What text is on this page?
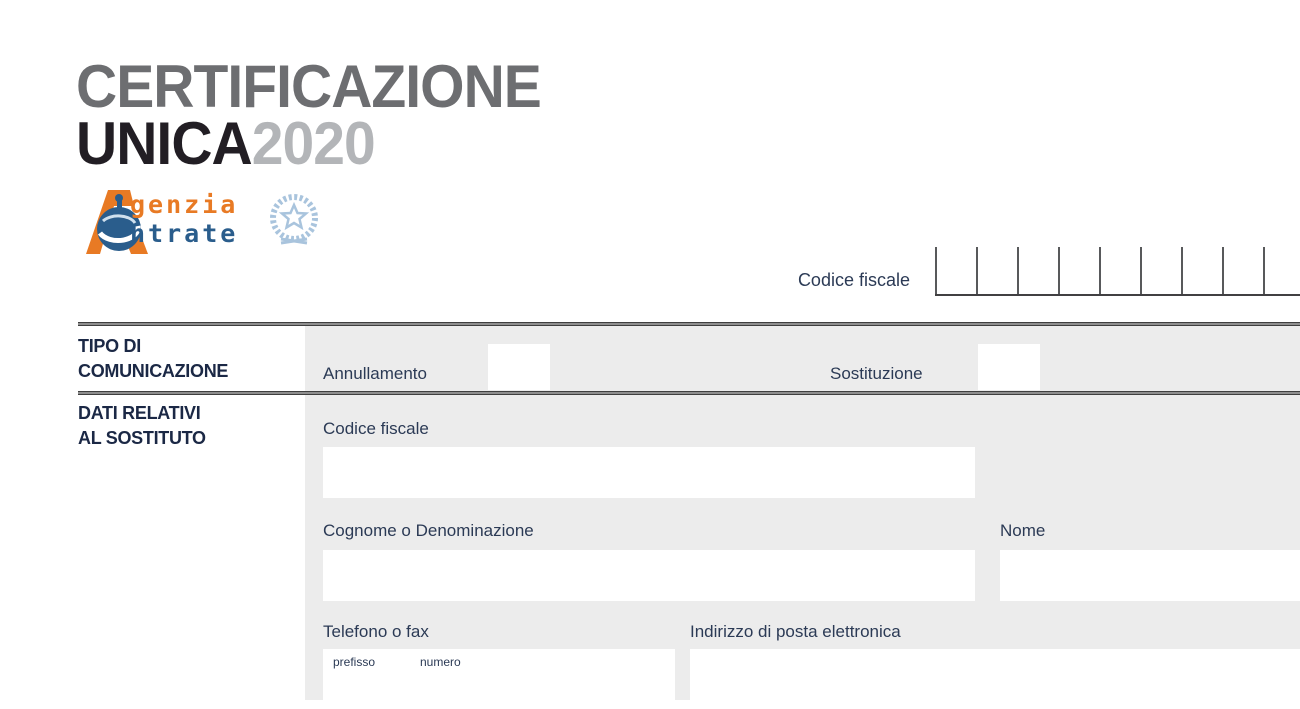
CERTIFICAZIONE
UNICA2020
genzia
ntrate
Codice fiscale
TIPO DI
COMUNICAZIONE	Annullamento	Sostituzione
DATI RELATIVI
AL SOSTITUTO	Codice fiscale
Cognome o Denominazione	Nome
Telefono o fax
prefisso	numero
Indirizzo di posta elettronica
